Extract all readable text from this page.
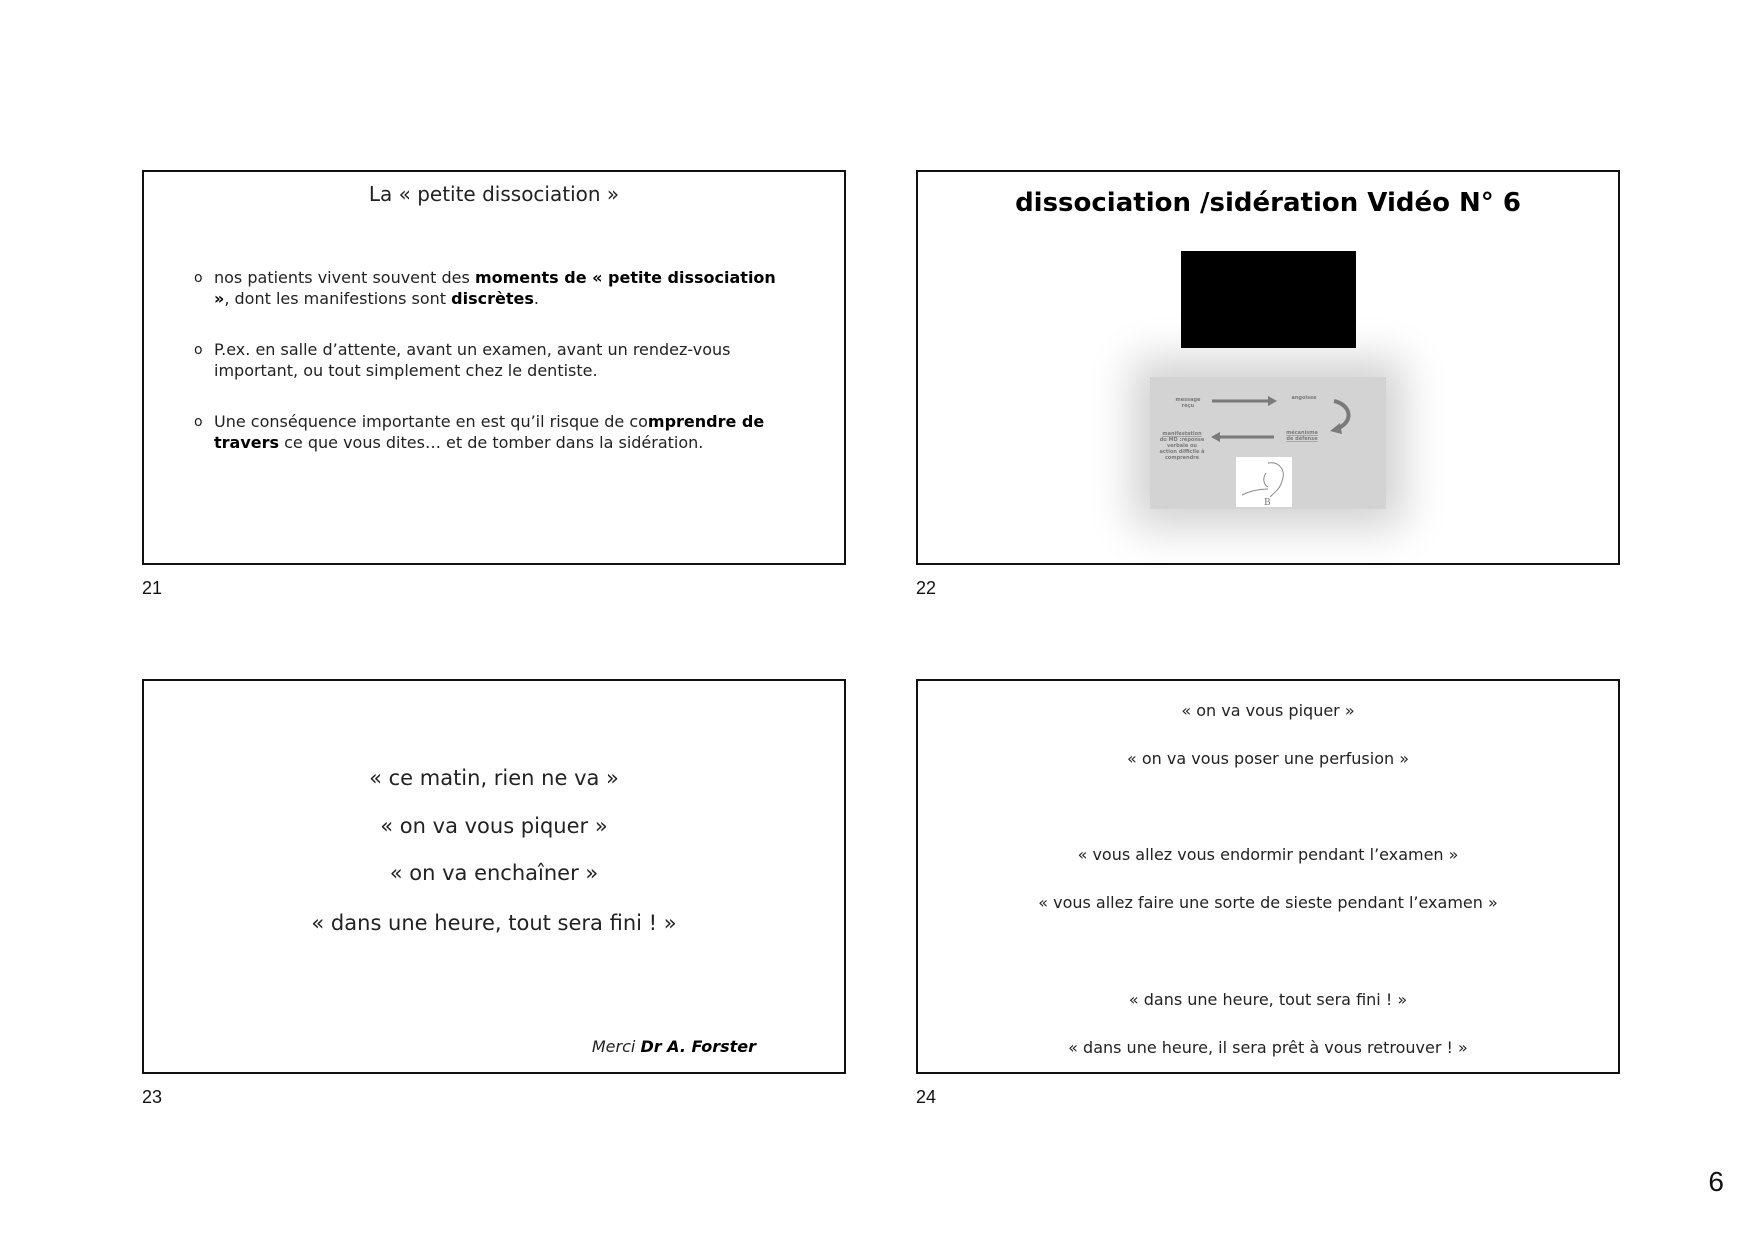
La « petite dissociation »
o nos patients vivent souvent des moments de « petite dissociation », dont les manifestions sont discrètes.
o P.ex. en salle d’attente, avant un examen, avant un rendez-vous important, ou tout simplement chez le dentiste.
o Une conséquence importante en est qu’il risque de comprendre de travers ce que vous dites… et de tomber dans la sidération.
21
dissociation /sidération Vidéo N° 6
message
reçu
angoisse
manifestation
du MD :réponse
verbale ou
action difficile à
comprendre
mécanisme
de défense
B
22
« ce matin, rien ne va »
« on va vous piquer »
« on va enchaîner »
« dans une heure, tout sera fini ! »
Merci Dr A. Forster
23
« on va vous piquer »
« on va vous poser une perfusion »
« vous allez vous endormir pendant l’examen »
« vous allez faire une sorte de sieste pendant l’examen »
« dans une heure, tout sera fini ! »
« dans une heure, il sera prêt à vous retrouver ! »
24
6
